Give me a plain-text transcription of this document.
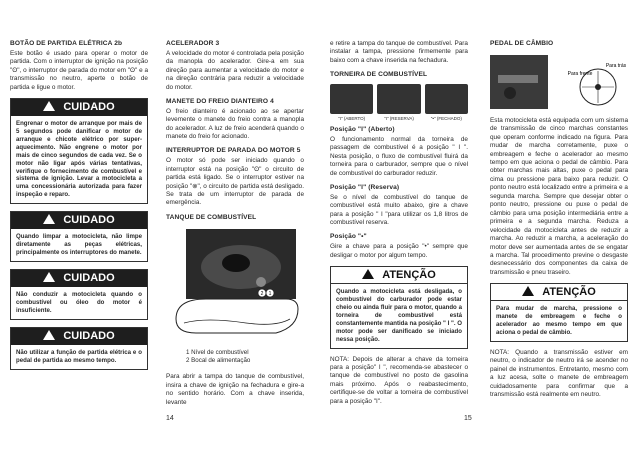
BOTÃO DE PARTIDA ELÉTRICA 2b

Este botão é usado para operar o motor de partida. Com o interruptor de ignição na posição "ʘ", o interruptor de parada do motor em "ʘ" e a transmissão no neutro, aperte o botão de partida e ligue o motor.

CUIDADO
Engrenar o motor de arranque por mais de 5 segundos pode danificar o motor de arranque e chicote elétrico por super-aquecimento. Não engrene o motor por mais de cinco segundos de cada vez. Se o motor não ligar após várias tentativas, verifique o fornecimento de combustível e sistema de ignição. Levar a motocicleta a uma concessionária autorizada para fazer inspeção e reparo.
CUIDADO
Quando limpar a motocicleta, não limpe diretamente as peças elétricas, principalmente os interruptores do manete.
CUIDADO
Não conduzir a motocicleta quando o combustível ou óleo do motor é insuficiente.
CUIDADO
Não utilizar a função de partida elétrica e o pedal de partida ao mesmo tempo.
ACELERADOR 3

A velocidade do motor é controlada pela posição da manopla do acelerador. Gire-a em sua direção para aumentar a velocidade do motor e na direção contrária para reduzir a velocidade do motor.

MANETE DO FREIO DIANTEIRO 4

O freio dianteiro é acionado ao se apertar levemente o manete do freio contra a manopla do acelerador. A luz de freio acenderá quando o manete do freio for acionado.

INTERRUPTOR DE PARADA DO MOTOR 5

O motor só pode ser iniciado quando o interruptor está na posição "ʘ" o circuito de partida está ligado. Se o interruptor estiver na posição "⊗", o circuito de partida está desligado. Se trata de um interruptor de parada de emergência.

TANQUE DE COMBUSTÍVEL
2 1
1 Nível de combustível
2 Bocal de alimentação

Para abrir a tampa do tanque de combustível, insira a chave de ignição na fechadura e gire-a no sentido horário. Com a chave inserida, levante

14

e retire a tampa do tanque de combustível. Para instalar a tampa, pressione firmemente para baixo com a chave inserida na fechadura.

TORNEIRA DE COMBUSTÍVEL
"I" (ABERTO)	"I" (RESERVA)	"•" (FECHADO)
Posição "I" (Aberto)

O funcionamento normal da torneira de passagem de combustível é a posição " I ". Nesta posição, o fluxo de combustível fluirá da torneira para o carburador, sempre que o nível de combustível do carburador reduzir.

Posição "I" (Reserva)

Se o nível de combustível do tanque de combustível está muito abaixo, gire a chave para a posição " I "para utilizar os 1,8 litros de combustível reserva.

Posição "•"

Gire a chave para a posição "•" sempre que desligar o motor por algum tempo.

ATENÇÃO
Quando a motocicleta está desligada, o combustível do carburador pode estar cheio ou ainda fluir para o motor, quando a torneira de combustível está constantemente mantida na posição " I ". O motor pode ser danificado se iniciado nessa posição.

NOTA: Depois de alterar a chave da torneira para a posição" I ", recomenda-se abastecer o tanque de combustível no posto de gasolina mais próximo. Após o reabastecimento, certifique-se de voltar a torneira de combustível para a posição "I".

PEDAL DE CÂMBIO
Para frente
Para trás

Esta motocicleta está equipada com um sistema de transmissão de cinco marchas constantes que operam conforme indicado na figura. Para mudar de marcha corretamente, puxe o embreagem e feche o acelerador ao mesmo tempo em que aciona o pedal de câmbio. Para obter marchas mais altas, puxe o pedal para cima ou pressione para baixo para reduzir. O ponto neutro está localizado entre a primeira e a segunda marcha. Sempre que desejar obter o ponto neutro, pressione ou puxe o pedal de câmbio para uma posição intermediária entre a primeira e a segunda marcha. Reduza a velocidade da motocicleta antes de reduzir a marcha. Ao reduzir a marcha, a aceleração do motor deve ser aumentada antes de se engatar a marcha. Tal procedimento previne o desgaste desnecessário dos componentes da caixa de transmissão e pneu traseiro.

ATENÇÃO
Para mudar de marcha, pressione o manete de embreagem e feche o acelerador ao mesmo tempo em que aciona o pedal de câmbio.

NOTA: Quando a transmissão estiver em neutro, o indicador de neutro irá se acender no painel de instrumentos. Entretanto, mesmo com a luz acesa, solte o manete de embreagem cuidadosamente para confirmar que a transmissão está realmente em neutro.

15
